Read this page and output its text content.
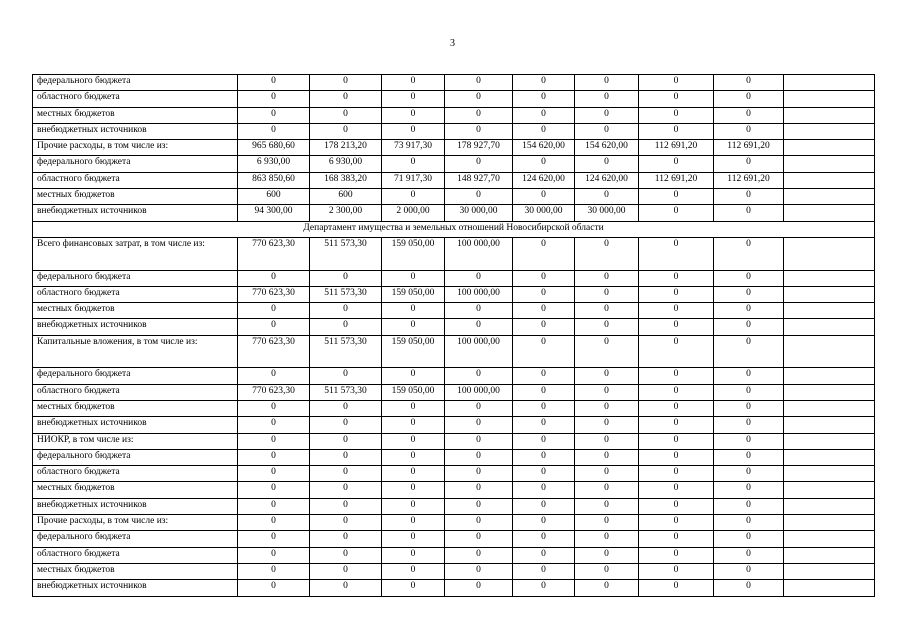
3
федерального бюджета	0	0	0	0	0	0	0	0	
областного бюджета	0	0	0	0	0	0	0	0	
местных бюджетов	0	0	0	0	0	0	0	0	
внебюджетных источников	0	0	0	0	0	0	0	0	
Прочие расходы, в том числе из:	965 680,60	178 213,20	73 917,30	178 927,70	154 620,00	154 620,00	112 691,20	112 691,20	
федерального бюджета	6 930,00	6 930,00	0	0	0	0	0	0	
областного бюджета	863 850,60	168 383,20	71 917,30	148 927,70	124 620,00	124 620,00	112 691,20	112 691,20	
местных бюджетов	600	600	0	0	0	0	0	0	
внебюджетных источников	94 300,00	2 300,00	2 000,00	30 000,00	30 000,00	30 000,00	0	0	
Департамент имущества и земельных отношений Новосибирской области									
Всего финансовых затрат, в том числе из:	770 623,30	511 573,30	159 050,00	100 000,00	0	0	0	0	
федерального бюджета	0	0	0	0	0	0	0	0	
областного бюджета	770 623,30	511 573,30	159 050,00	100 000,00	0	0	0	0	
местных бюджетов	0	0	0	0	0	0	0	0	
внебюджетных источников	0	0	0	0	0	0	0	0	
Капитальные вложения, в том числе из:	770 623,30	511 573,30	159 050,00	100 000,00	0	0	0	0	
федерального бюджета	0	0	0	0	0	0	0	0	
областного бюджета	770 623,30	511 573,30	159 050,00	100 000,00	0	0	0	0	
местных бюджетов	0	0	0	0	0	0	0	0	
внебюджетных источников	0	0	0	0	0	0	0	0	
НИОКР, в том числе из:	0	0	0	0	0	0	0	0	
федерального бюджета	0	0	0	0	0	0	0	0	
областного бюджета	0	0	0	0	0	0	0	0	
местных бюджетов	0	0	0	0	0	0	0	0	
внебюджетных источников	0	0	0	0	0	0	0	0	
Прочие расходы, в том числе из:	0	0	0	0	0	0	0	0	
федерального бюджета	0	0	0	0	0	0	0	0	
областного бюджета	0	0	0	0	0	0	0	0	
местных бюджетов	0	0	0	0	0	0	0	0	
внебюджетных источников	0	0	0	0	0	0	0	0	
